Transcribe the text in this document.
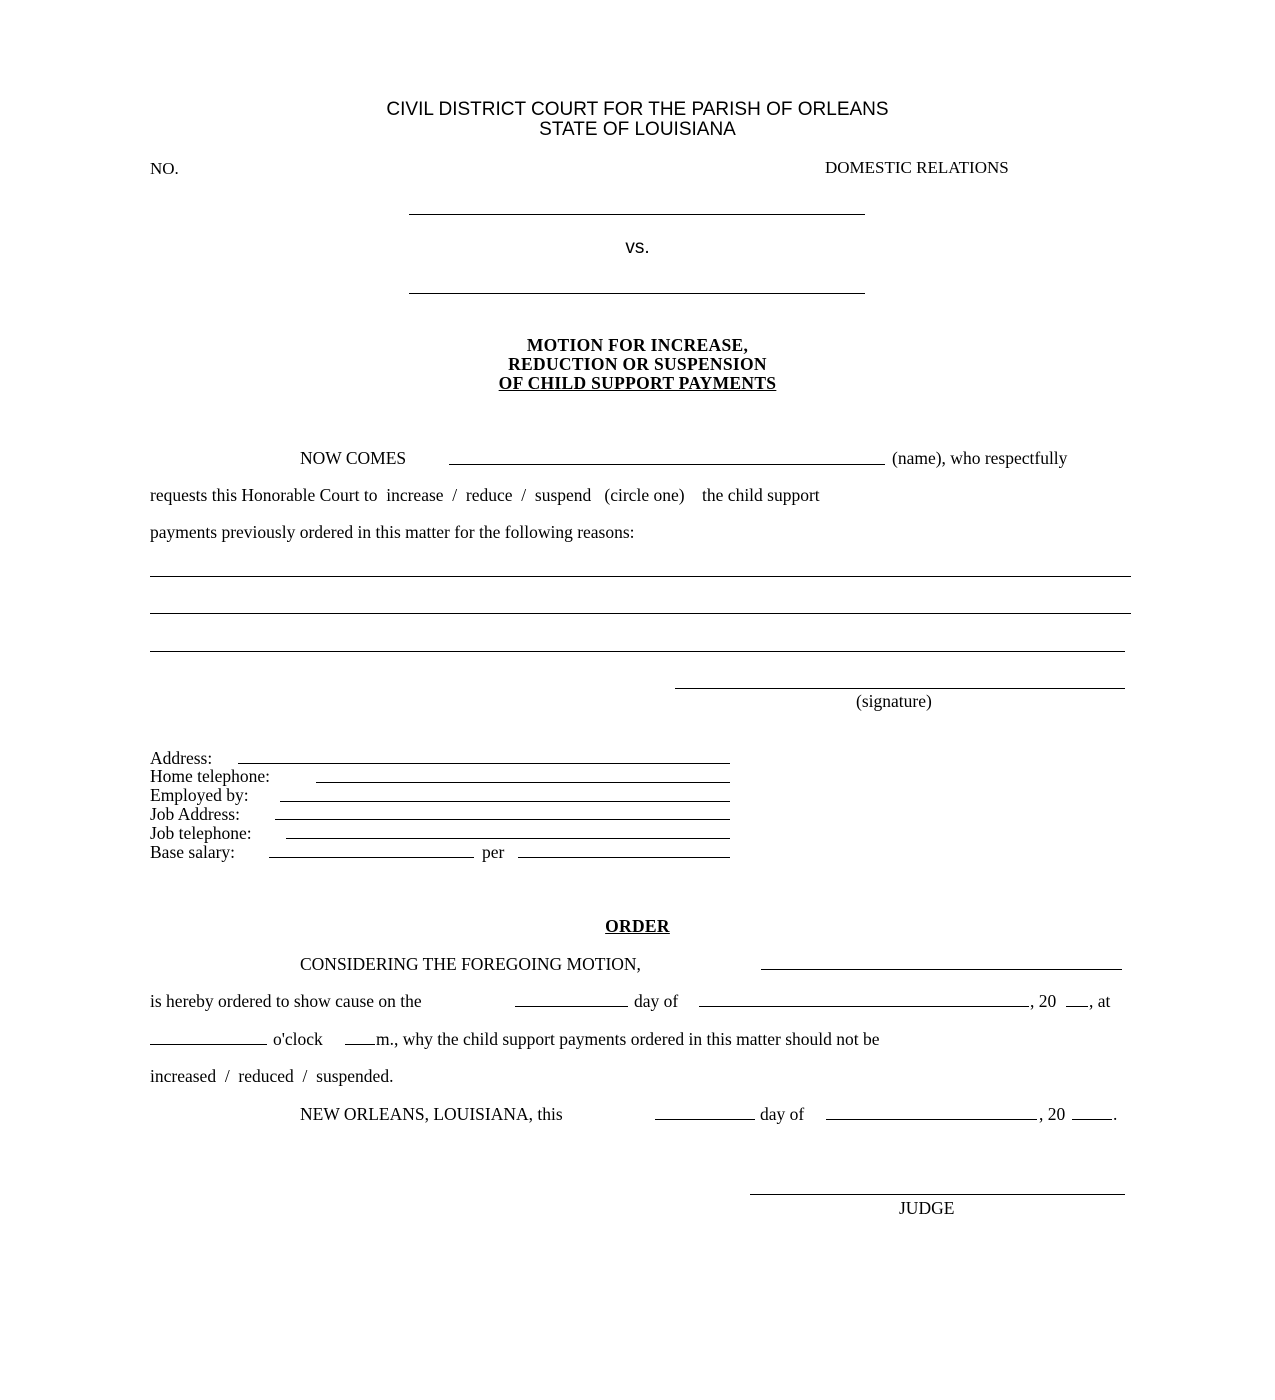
CIVIL DISTRICT COURT FOR THE PARISH OF ORLEANS
STATE OF LOUISIANA
NO.	DOMESTIC RELATIONS
vs.
MOTION FOR INCREASE,
REDUCTION OR SUSPENSION
OF CHILD SUPPORT PAYMENTS
NOW COMES	(name), who respectfully
requests this Honorable Court to  increase  /  reduce  /  suspend   (circle one)    the child support
payments previously ordered in this matter for the following reasons:
(signature)
Address:
Home telephone:
Employed by:
Job Address:
Job telephone:
Base salary:	per
ORDER
CONSIDERING THE FOREGOING MOTION,
is hereby ordered to show cause on the	day of	, 20 , at
o'clock	m., why the child support payments ordered in this matter should not be
increased  /  reduced  /  suspended.
NEW ORLEANS, LOUISIANA, this	day of	, 20	.
JUDGE
